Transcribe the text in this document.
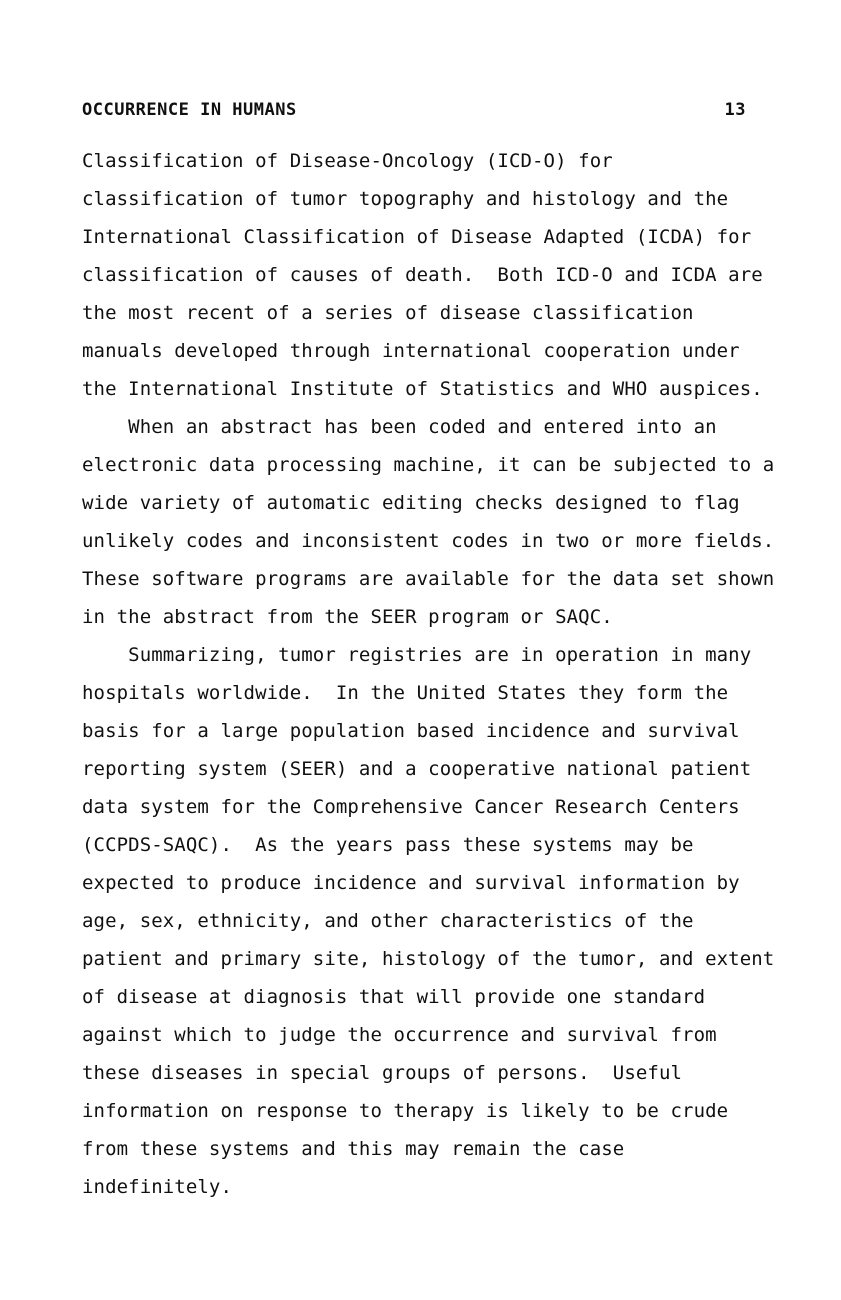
OCCURRENCE IN HUMANS	13
Classification of Disease-Oncology (ICD-O) for
classification of tumor topography and histology and the
International Classification of Disease Adapted (ICDA) for
classification of causes of death.  Both ICD-O and ICDA are
the most recent of a series of disease classification
manuals developed through international cooperation under
the International Institute of Statistics and WHO auspices.
When an abstract has been coded and entered into an
electronic data processing machine, it can be subjected to a
wide variety of automatic editing checks designed to flag
unlikely codes and inconsistent codes in two or more fields.
These software programs are available for the data set shown
in the abstract from the SEER program or SAQC.
Summarizing, tumor registries are in operation in many
hospitals worldwide.  In the United States they form the
basis for a large population based incidence and survival
reporting system (SEER) and a cooperative national patient
data system for the Comprehensive Cancer Research Centers
(CCPDS-SAQC).  As the years pass these systems may be
expected to produce incidence and survival information by
age, sex, ethnicity, and other characteristics of the
patient and primary site, histology of the tumor, and extent
of disease at diagnosis that will provide one standard
against which to judge the occurrence and survival from
these diseases in special groups of persons.  Useful
information on response to therapy is likely to be crude
from these systems and this may remain the case
indefinitely.
